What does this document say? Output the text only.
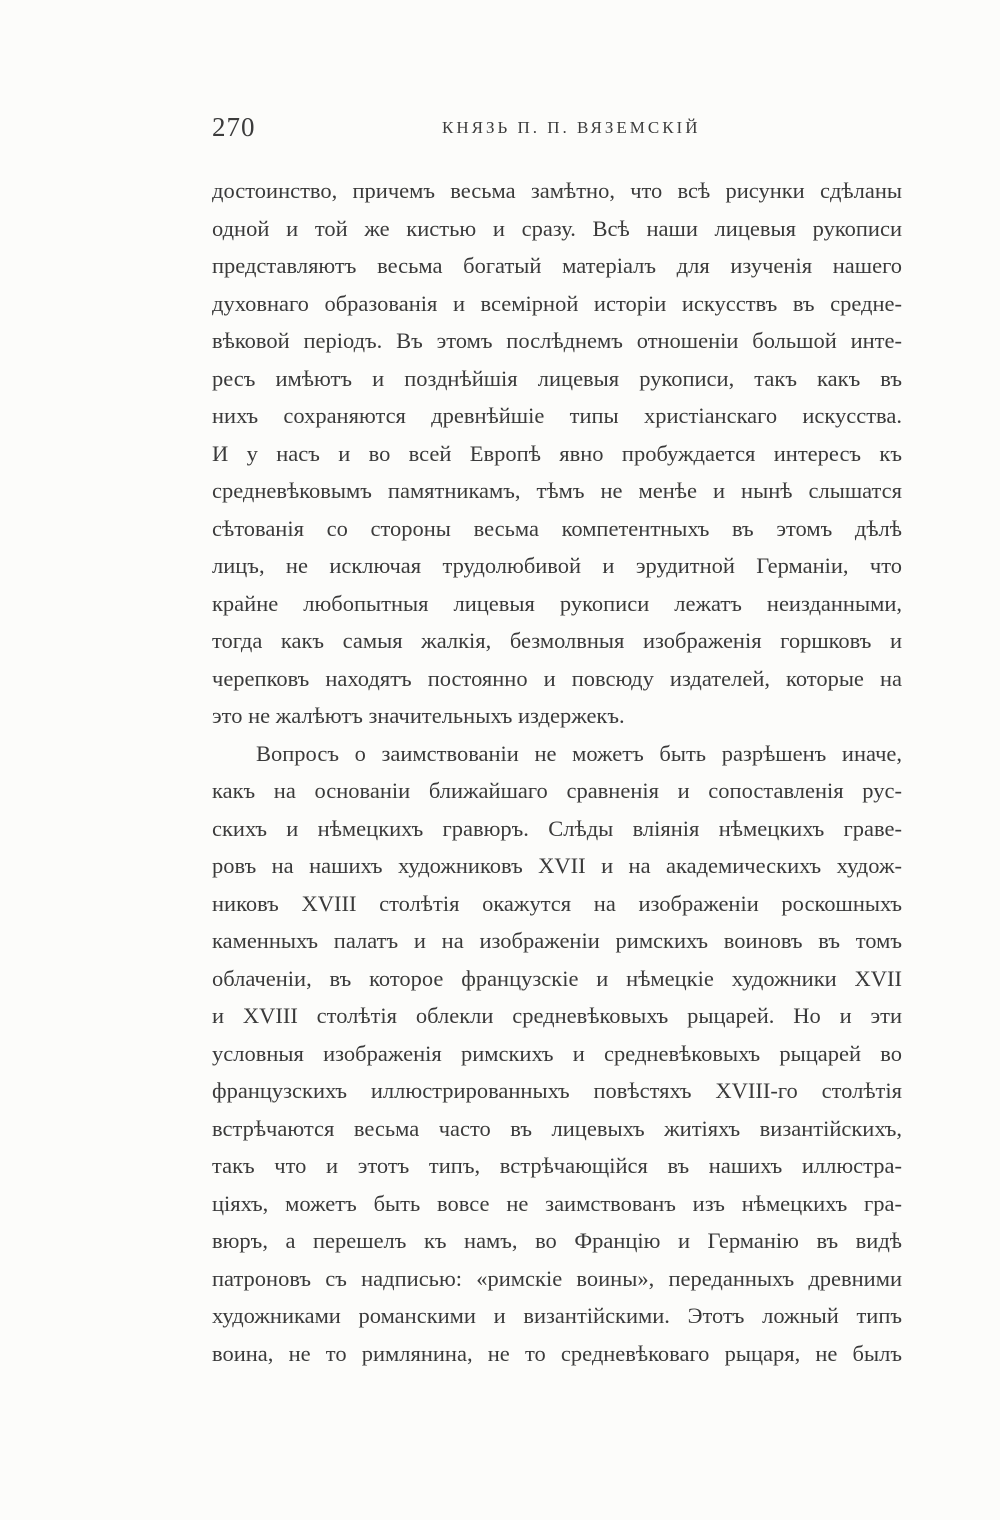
270	КНЯЗЬ П. П. ВЯЗЕМСКІЙ
достоинство, причемъ весьма замѣтно, что всѣ рисунки сдѣланы
одной и той же кистью и сразу. Всѣ наши лицевыя рукописи
представляютъ весьма богатый матеріалъ для изученія нашего
духовнаго образованія и всемірной исторіи искусствъ въ средне-
вѣковой періодъ. Въ этомъ послѣднемъ отношеніи большой инте-
ресъ имѣютъ и позднѣйшія лицевыя рукописи, такъ какъ въ
нихъ сохраняются древнѣйшіе типы христіанскаго искусства.
И у насъ и во всей Европѣ явно пробуждается интересъ къ
средневѣковымъ памятникамъ, тѣмъ не менѣе и нынѣ слышатся
сѣтованія со стороны весьма компетентныхъ въ этомъ дѣлѣ
лицъ, не исключая трудолюбивой и эрудитной Германіи, что
крайне любопытныя лицевыя рукописи лежатъ неизданными,
тогда какъ самыя жалкія, безмолвныя изображенія горшковъ и
черепковъ находятъ постоянно и повсюду издателей, которые на
это не жалѣютъ значительныхъ издержекъ.
Вопросъ о заимствованіи не можетъ быть разрѣшенъ иначе,
какъ на основаніи ближайшаго сравненія и сопоставленія рус-
скихъ и нѣмецкихъ гравюръ. Слѣды вліянія нѣмецкихъ граве-
ровъ на нашихъ художниковъ XVII и на академическихъ худож-
никовъ XVIII столѣтія окажутся на изображеніи роскошныхъ
каменныхъ палатъ и на изображеніи римскихъ воиновъ въ томъ
облаченіи, въ которое французскіе и нѣмецкіе художники XVII
и XVIII столѣтія облекли средневѣковыхъ рыцарей. Но и эти
условныя изображенія римскихъ и средневѣковыхъ рыцарей во
французскихъ иллюстрированныхъ повѣстяхъ XVIII-го столѣтія
встрѣчаются весьма часто въ лицевыхъ житіяхъ византійскихъ,
такъ что и этотъ типъ, встрѣчающійся въ нашихъ иллюстра-
ціяхъ, можетъ быть вовсе не заимствованъ изъ нѣмецкихъ гра-
вюръ, а перешелъ къ намъ, во Францію и Германію въ видѣ
патроновъ съ надписью: «римскіе воины», переданныхъ древними
художниками романскими и византійскими. Этотъ ложный типъ
воина, не то римлянина, не то средневѣковаго рыцаря, не былъ
